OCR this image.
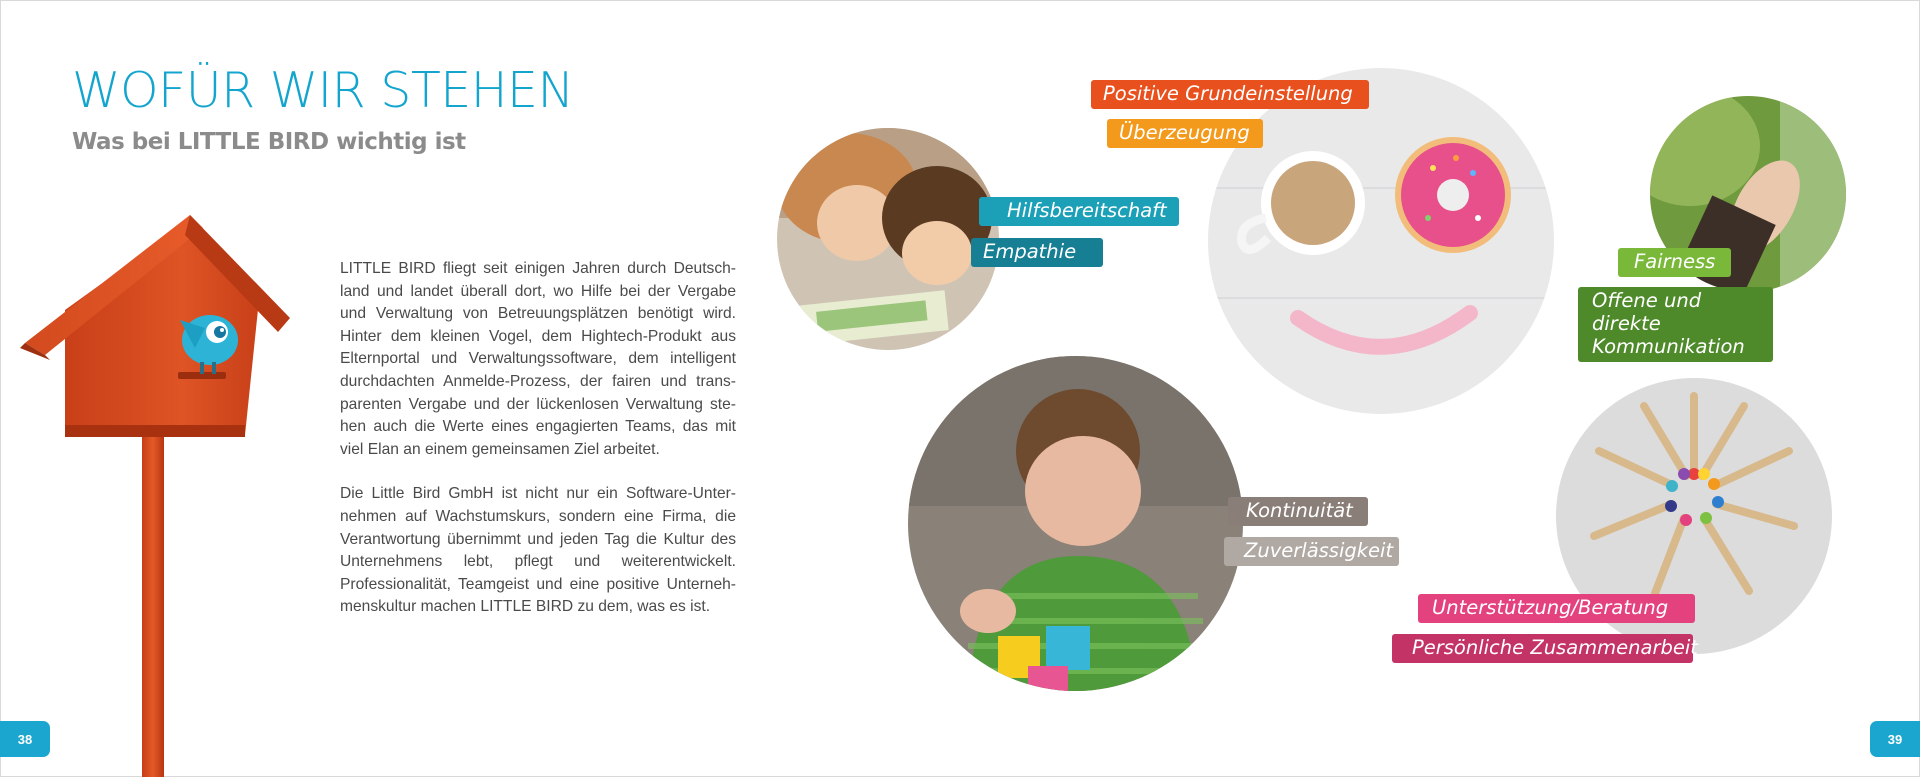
WOFÜR WIR STEHEN
Was bei LITTLE BIRD wichtig ist

LITTLE BIRD fliegt seit einigen Jahren durch Deutsch-land und landet überall dort, wo Hilfe bei der Vergabe und Verwaltung von Betreuungsplätzen benötigt wird. Hinter dem kleinen Vogel, dem Hightech-Produkt aus Elternportal und Verwaltungssoftware, dem intelligent durchdachten Anmelde-Prozess, der fairen und trans-parenten Vergabe und der lückenlosen Verwaltung ste-hen auch die Werte eines engagierten Teams, das mit viel Elan an einem gemeinsamen Ziel arbeitet.

Die Little Bird GmbH ist nicht nur ein Software-Unter-nehmen auf Wachstumskurs, sondern eine Firma, die Verantwortung übernimmt und jeden Tag die Kultur des Unternehmens lebt, pflegt und weiterentwickelt. Professionalität, Teamgeist und eine positive Unterneh-menskultur machen LITTLE BIRD zu dem, was es ist.

Positive Grundeinstellung
Überzeugung
Hilfsbereitschaft
Empathie	Fairness
Offene und direkte Kommunikation
Kontinuität
Zuverlässigkeit
Unterstützung/Beratung
Persönliche Zusammenarbeit
38	39
